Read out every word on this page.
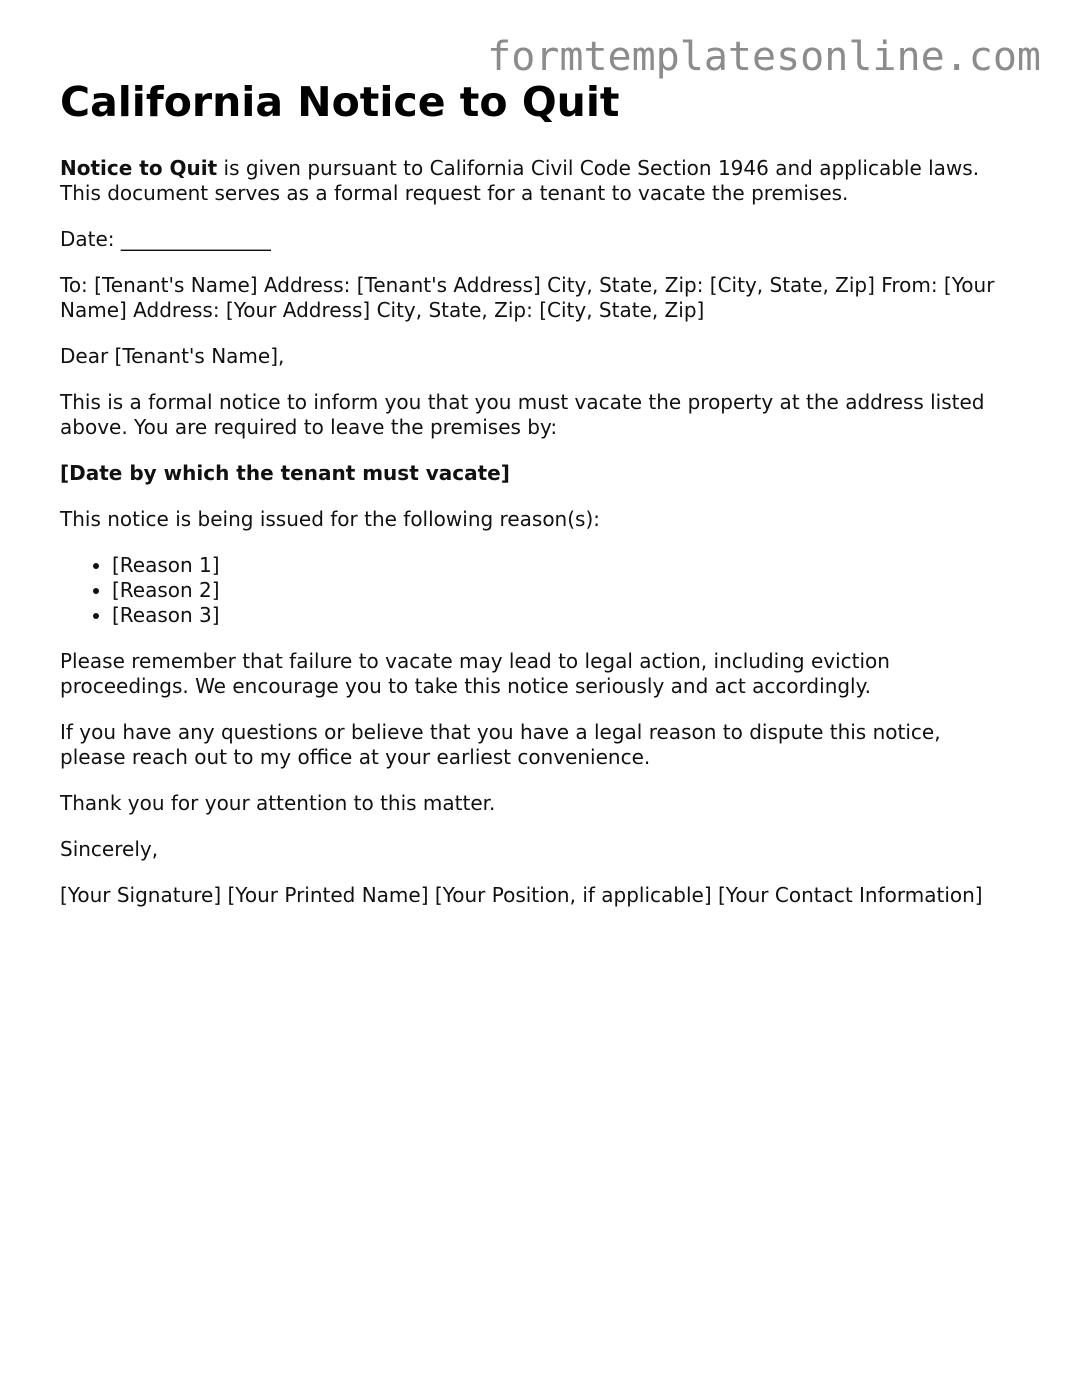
formtemplatesonline.com
California Notice to Quit

Notice to Quit is given pursuant to California Civil Code Section 1946 and applicable laws. This document serves as a formal request for a tenant to vacate the premises.

Date: _______________

To: [Tenant's Name] Address: [Tenant's Address] City, State, Zip: [City, State, Zip] From: [Your Name] Address: [Your Address] City, State, Zip: [City, State, Zip]

Dear [Tenant's Name],

This is a formal notice to inform you that you must vacate the property at the address listed above. You are required to leave the premises by:

[Date by which the tenant must vacate]

This notice is being issued for the following reason(s):

• [Reason 1]
• [Reason 2]
• [Reason 3]

Please remember that failure to vacate may lead to legal action, including eviction proceedings. We encourage you to take this notice seriously and act accordingly.

If you have any questions or believe that you have a legal reason to dispute this notice, please reach out to my office at your earliest convenience.

Thank you for your attention to this matter.

Sincerely,

[Your Signature] [Your Printed Name] [Your Position, if applicable] [Your Contact Information]
